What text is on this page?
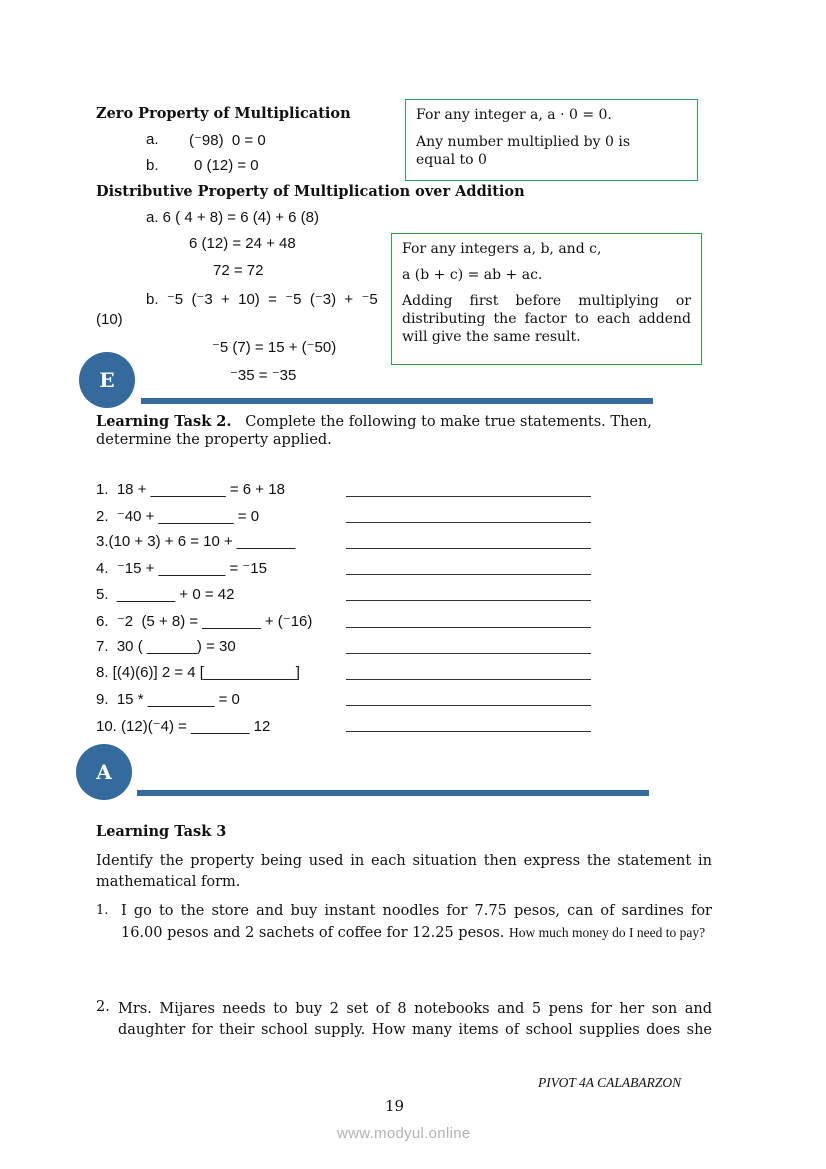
Zero Property of Multiplication
a. (⁻98)  0 = 0
b. 0 (12) = 0

For any integer a, a · 0 = 0.

Any number multiplied by 0 is equal to 0

Distributive Property of Multiplication over Addition
a. 6 ( 4 + 8) = 6 (4) + 6 (8)
6 (12) = 24 + 48
72 = 72
b.  ⁻5  (⁻3  +  10)  =  ⁻5  (⁻3)  +  ⁻5
(10)
⁻5 (7) = 15 + (⁻50)
⁻35 = ⁻35

For any integers a, b, and c,

a (b + c) = ab + ac.

Adding first before multiplying or distributing the factor to each addend will give the same result.

E
Learning Task 2. Complete the following to make true statements. Then, determine the property applied.
1.  18 + _________ = 6 + 18
2.  ⁻40 + _________ = 0
3.(10 + 3) + 6 = 10 + _______
4.  ⁻15 + ________ = ⁻15
5.  _______ + 0 = 42
6.  ⁻2  (5 + 8) = _______ + (⁻16)
7.  30 ( ______) = 30
8. [(4)(6)] 2 = 4 [___________]
9.  15 * ________ = 0
10. (12)(⁻4) = _______ 12
A
Learning Task 3
Identify the property being used in each situation then express the statement in mathematical form.
1. I go to the store and buy instant noodles for 7.75 pesos, can of sardines for 16.00 pesos and 2 sachets of coffee for 12.25 pesos. How much money do I need to pay?
2. Mrs. Mijares needs to buy 2 set of 8 notebooks and 5 pens for her son and daughter for their school supply. How many items of school supplies does she
PIVOT 4A CALABARZON
19
www.modyul.online
